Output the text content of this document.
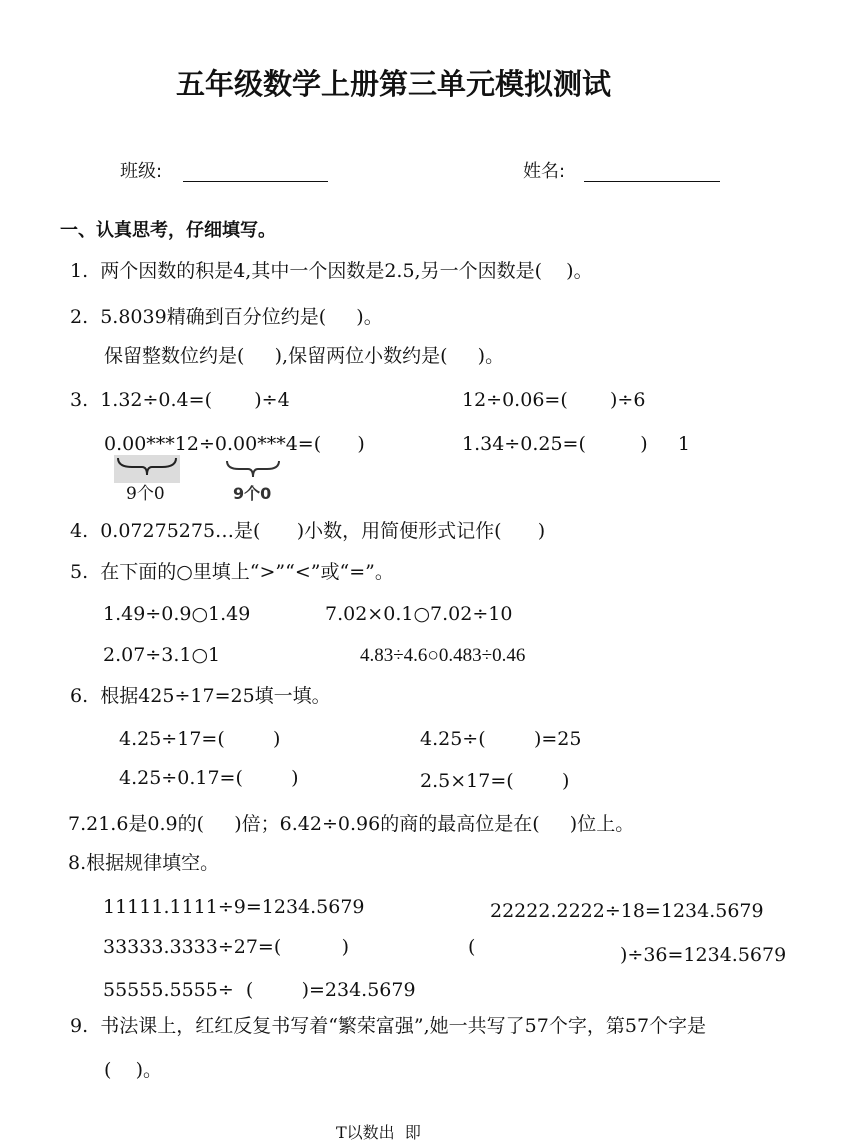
五年级数学上册第三单元模拟测试
班级:	姓名:
一、认真思考，仔细填写。
1.  两个因数的积是4,其中一个因数是2.5,另一个因数是(    )。
2.  5.8039精确到百分位约是(     )。
保留整数位约是(     ),保留两位小数约是(     )。
3.  1.32÷0.4=(       )÷4	12÷0.06=(       )÷6
0.00***12÷0.00***4=(      )	1.34÷0.25=(         )     1
9个0	9个0
4.  0.07275275…是(      )小数，用简便形式记作(      )
5.  在下面的○里填上“>”“<”或“=”。
1.49÷0.9○1.49	7.02×0.1○7.02÷10
2.07÷3.1○1	4.83÷4.6○0.483÷0.46
6.  根据425÷17=25填一填。
4.25÷17=(        )	4.25÷(        )=25
4.25÷0.17=(        )	2.5×17=(        )
7.21.6是0.9的(     )倍；6.42÷0.96的商的最高位是在(     )位上。
8.根据规律填空。
11111.1111÷9=1234.5679	22222.2222÷18=1234.5679
33333.3333÷27=(          )	(	)÷36=1234.5679
55555.5555÷  (        )=234.5679
9.  书法课上，红红反复书写着“繁荣富强”,她一共写了57个字，第57个字是
(    )。
T以数出  即
